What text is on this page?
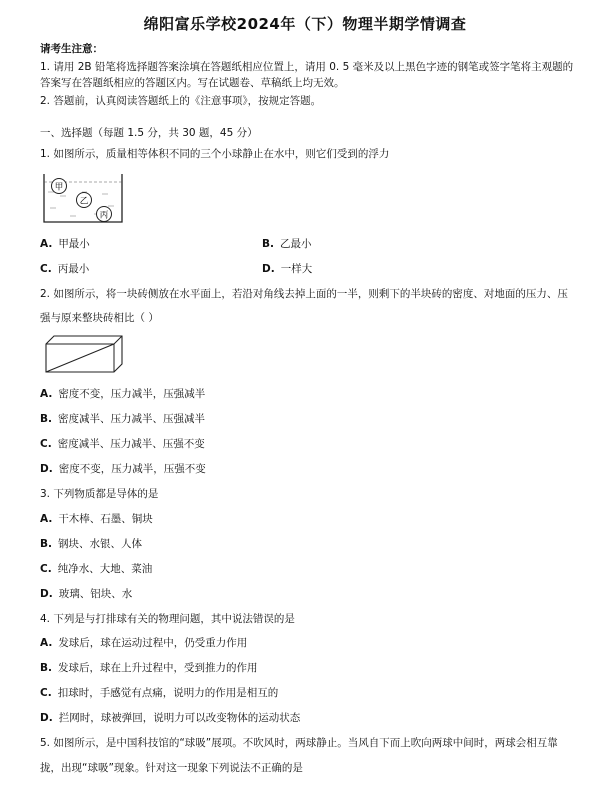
绵阳富乐学校2024年（下）物理半期学情调查
请考生注意：
1. 请用 2B 铅笔将选择题答案涂填在答题纸相应位置上，请用 0. 5 毫米及以上黑色字迹的钢笔或签字笔将主观题的
答案写在答题纸相应的答题区内。写在试题卷、草稿纸上均无效。
2. 答题前，认真阅读答题纸上的《注意事项》，按规定答题。
一、选择题（每题 1.5 分，共 30 题，45 分）
1. 如图所示，质量相等体积不同的三个小球静止在水中，则它们受到的浮力
甲
乙
丙
A. 甲最小	B. 乙最小
C. 丙最小	D. 一样大
2. 如图所示，将一块砖侧放在水平面上，若沿对角线去掉上面的一半，则剩下的半块砖的密度、对地面的压力、压
强与原来整块砖相比（ ）
A. 密度不变，压力减半，压强减半
B. 密度减半、压力减半、压强减半
C. 密度减半、压力减半、压强不变
D. 密度不变，压力减半，压强不变
3. 下列物质都是导体的是
A. 干木棒、石墨、铜块
B. 钢块、水银、人体
C. 纯净水、大地、菜油
D. 玻璃、铝块、水
4. 下列是与打排球有关的物理问题，其中说法错误的是
A. 发球后，球在运动过程中，仍受重力作用
B. 发球后，球在上升过程中，受到推力的作用
C. 扣球时，手感觉有点痛，说明力的作用是相互的
D. 拦网时，球被弹回，说明力可以改变物体的运动状态
5. 如图所示，是中国科技馆的“球吸”展项。不吹风时，两球静止。当风自下而上吹向两球中间时，两球会相互靠
拢，出现“球吸”现象。针对这一现象下列说法不正确的是
